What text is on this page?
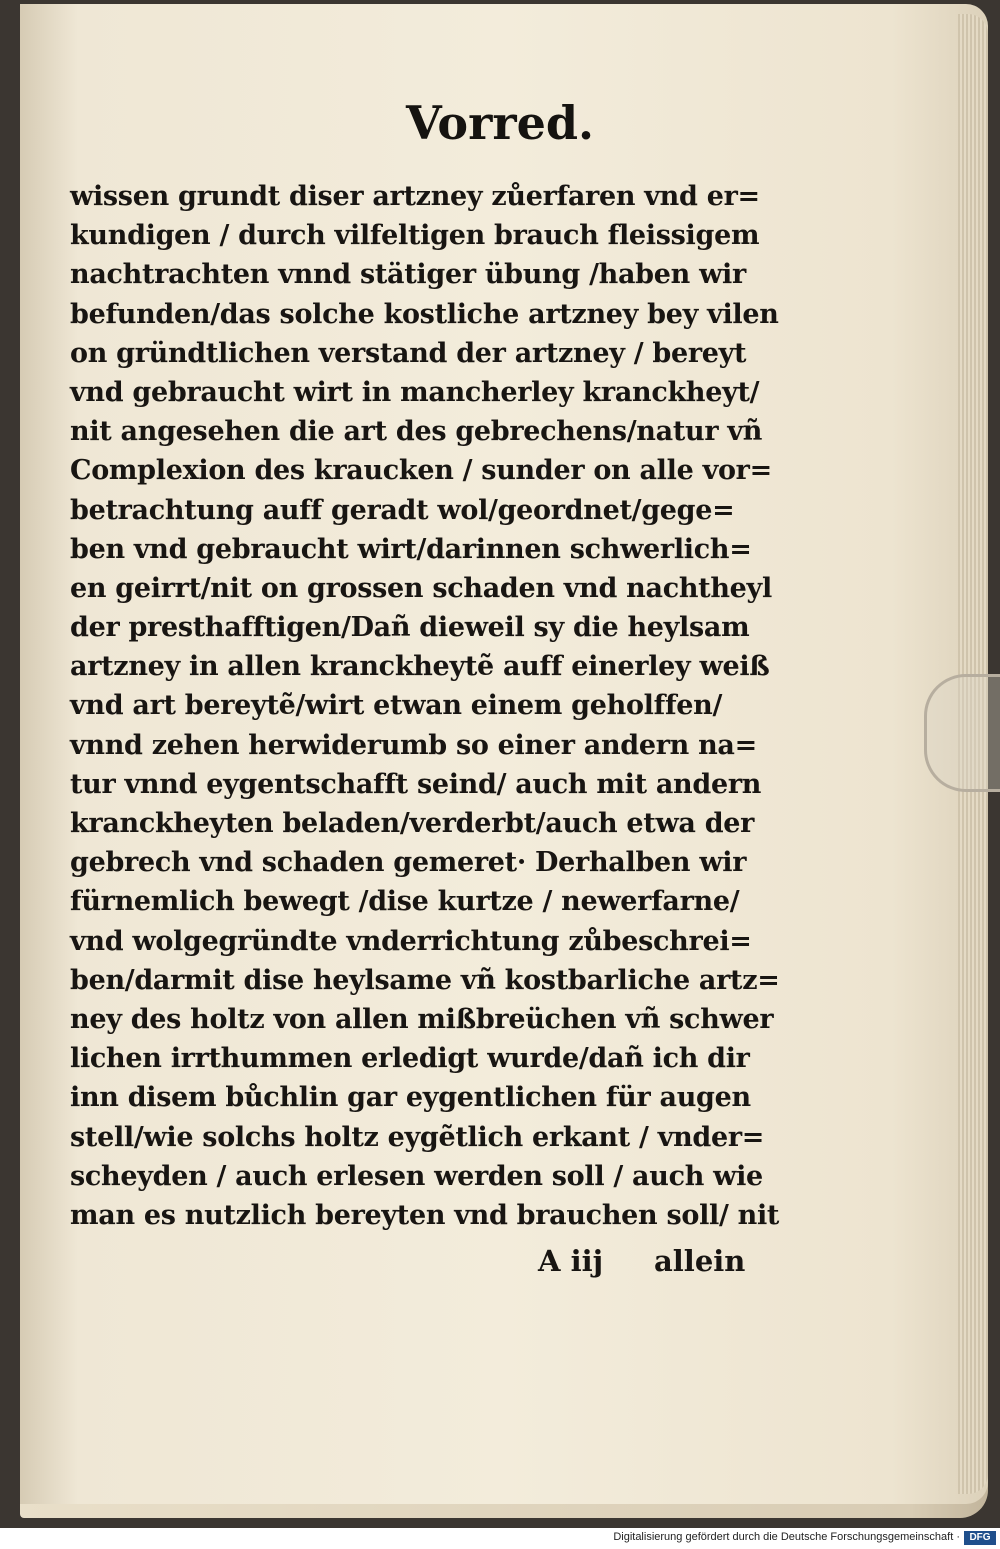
Vorred.
wissen grundt diser artzney zůerfaren vnd er=
kundigen / durch vilfeltigen brauch fleissigem
nachtrachten vnnd stätiger übung /haben wir
befunden/das solche kostliche artzney bey vilen
on gründtlichen verstand der artzney / bereyt
vnd gebraucht wirt in mancherley kranckheyt/
nit angesehen die art des gebrechens/natur vñ
Complexion des kraucken / sunder on alle vor=
betrachtung auff geradt wol/geordnet/gege=
ben vnd gebraucht wirt/darinnen schwerlich=
en geirrt/nit on grossen schaden vnd nachtheyl
der presthafftigen/Dañ dieweil sy die heylsam
artzney in allen kranckheytẽ auff einerley weiß
vnd art bereytẽ/wirt etwan einem geholffen/
vnnd zehen herwiderumb so einer andern na=
tur vnnd eygentschafft seind/ auch mit andern
kranckheyten beladen/verderbt/auch etwa der
gebrech vnd schaden gemeret· Derhalben wir
fürnemlich bewegt /dise kurtze / newerfarne/
vnd wolgegründte vnderrichtung zůbeschrei=
ben/darmit dise heylsame vñ kostbarliche artz=
ney des holtz von allen mißbreüchen vñ schwer
lichen irrthummen erledigt wurde/dañ ich dir
inn disem bůchlin gar eygentlichen für augen
stell/wie solchs holtz eygẽtlich erkant / vnder=
scheyden / auch erlesen werden soll / auch wie
man es nutzlich bereyten vnd brauchen soll/ nit
A iij allein
Digitalisierung gefördert durch die Deutsche Forschungsgemeinschaft · DFG
